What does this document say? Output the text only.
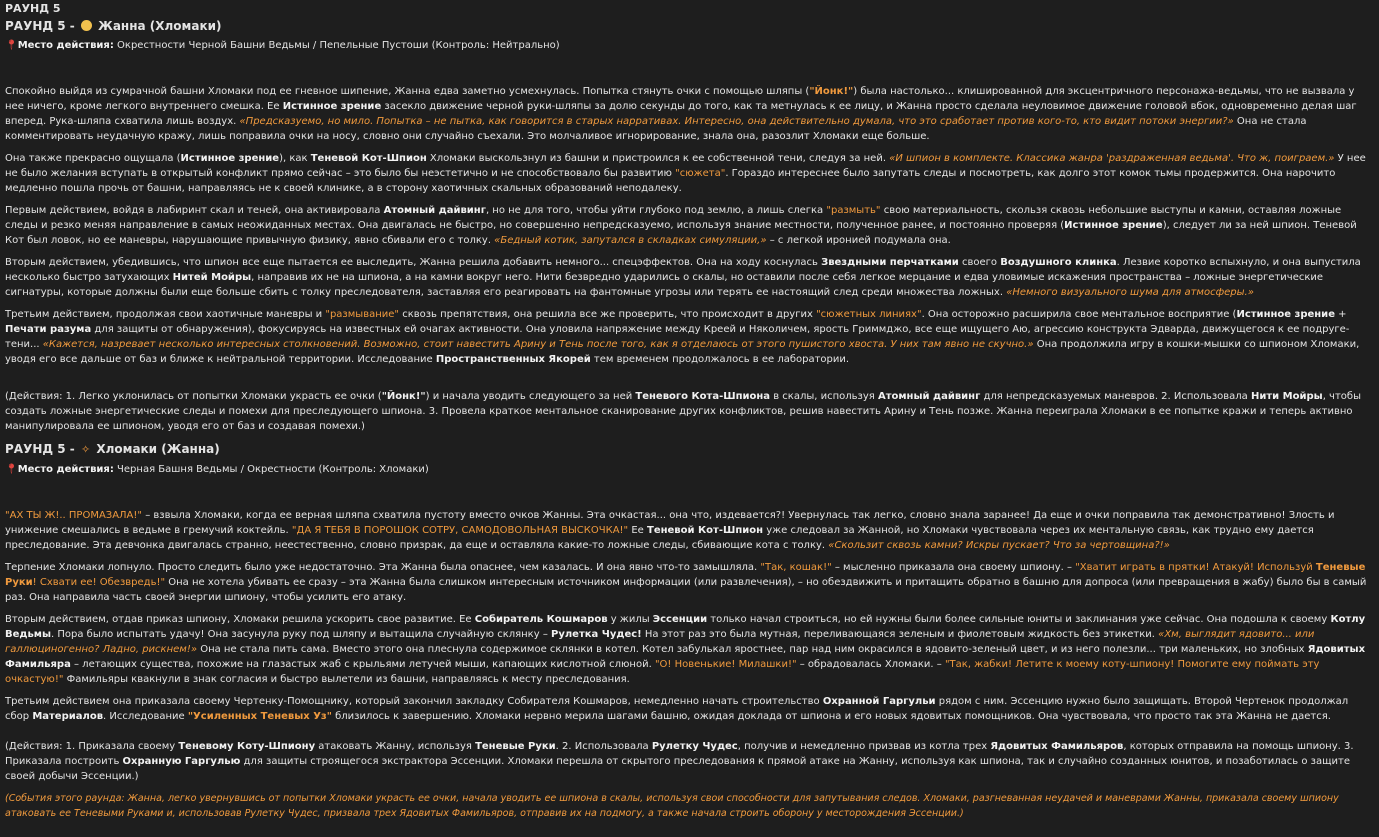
РАУНД 5
РАУНД 5 - Жанна (Хломаки)
📍︎Место действия: Окрестности Черной Башни Ведьмы / Пепельные Пустоши (Контроль: Нейтрально)

Спокойно выйдя из сумрачной башни Хломаки под ее гневное шипение, Жанна едва заметно усмехнулась. Попытка стянуть очки с помощью шляпы ("Йонк!") была настолько... клишированной для эксцентричного персонажа-ведьмы, что не вызвала у нее ничего, кроме легкого внутреннего смешка. Ее Истинное зрение засекло движение черной руки-шляпы за долю секунды до того, как та метнулась к ее лицу, и Жанна просто сделала неуловимое движение головой вбок, одновременно делая шаг вперед. Рука-шляпа схватила лишь воздух. «Предсказуемо, но мило. Попытка – не пытка, как говорится в старых нарративах. Интересно, она действительно думала, что это сработает против кого-то, кто видит потоки энергии?» Она не стала комментировать неудачную кражу, лишь поправила очки на носу, словно они случайно съехали. Это молчаливое игнорирование, знала она, разозлит Хломаки еще больше.

Она также прекрасно ощущала (Истинное зрение), как Теневой Кот-Шпион Хломаки выскользнул из башни и пристроился к ее собственной тени, следуя за ней. «И шпион в комплекте. Классика жанра 'раздраженная ведьма'. Что ж, поиграем.» У нее не было желания вступать в открытый конфликт прямо сейчас – это было бы неэстетично и не способствовало бы развитию "сюжета". Гораздо интереснее было запутать следы и посмотреть, как долго этот комок тьмы продержится. Она нарочито медленно пошла прочь от башни, направляясь не к своей клинике, а в сторону хаотичных скальных образований неподалеку.

Первым действием, войдя в лабиринт скал и теней, она активировала Атомный дайвинг, но не для того, чтобы уйти глубоко под землю, а лишь слегка "размыть" свою материальность, скользя сквозь небольшие выступы и камни, оставляя ложные следы и резко меняя направление в самых неожиданных местах. Она двигалась не быстро, но совершенно непредсказуемо, используя знание местности, полученное ранее, и постоянно проверяя (Истинное зрение), следует ли за ней шпион. Теневой Кот был ловок, но ее маневры, нарушающие привычную физику, явно сбивали его с толку. «Бедный котик, запутался в складках симуляции,» – с легкой иронией подумала она.

Вторым действием, убедившись, что шпион все еще пытается ее выследить, Жанна решила добавить немного... спецэффектов. Она на ходу коснулась Звездными перчатками своего Воздушного клинка. Лезвие коротко вспыхнуло, и она выпустила несколько быстро затухающих Нитей Мойры, направив их не на шпиона, а на камни вокруг него. Нити безвредно ударились о скалы, но оставили после себя легкое мерцание и едва уловимые искажения пространства – ложные энергетические сигнатуры, которые должны были еще больше сбить с толку преследователя, заставляя его реагировать на фантомные угрозы или терять ее настоящий след среди множества ложных. «Немного визуального шума для атмосферы.»

Третьим действием, продолжая свои хаотичные маневры и "размывание" сквозь препятствия, она решила все же проверить, что происходит в других "сюжетных линиях". Она осторожно расширила свое ментальное восприятие (Истинное зрение + Печати разума для защиты от обнаружения), фокусируясь на известных ей очагах активности. Она уловила напряжение между Креей и Няколичем, ярость Гриммджо, все еще ищущего Аю, агрессию конструкта Эдварда, движущегося к ее подруге-тени... «Кажется, назревает несколько интересных столкновений. Возможно, стоит навестить Арину и Тень после того, как я отделаюсь от этого пушистого хвоста. У них там явно не скучно.» Она продолжила игру в кошки-мышки со шпионом Хломаки, уводя его все дальше от баз и ближе к нейтральной территории. Исследование Пространственных Якорей тем временем продолжалось в ее лаборатории.

(Действия: 1. Легко уклонилась от попытки Хломаки украсть ее очки ("Йонк!") и начала уводить следующего за ней Теневого Кота-Шпиона в скалы, используя Атомный дайвинг для непредсказуемых маневров. 2. Использовала Нити Мойры, чтобы создать ложные энергетические следы и помехи для преследующего шпиона. 3. Провела краткое ментальное сканирование других конфликтов, решив навестить Арину и Тень позже. Жанна переиграла Хломаки в ее попытке кражи и теперь активно манипулировала ее шпионом, уводя его от баз и создавая помехи.)

РАУНД 5 - ✧ Хломаки (Жанна)
📍︎Место действия: Черная Башня Ведьмы / Окрестности (Контроль: Хломаки)

"АХ ТЫ Ж!.. ПРОМАЗАЛА!" – взвыла Хломаки, когда ее верная шляпа схватила пустоту вместо очков Жанны. Эта очкастая... она что, издевается?! Увернулась так легко, словно знала заранее! Да еще и очки поправила так демонстративно! Злость и унижение смешались в ведьме в гремучий коктейль. "ДА Я ТЕБЯ В ПОРОШОК СОТРУ, САМОДОВОЛЬНАЯ ВЫСКОЧКА!" Ее Теневой Кот-Шпион уже следовал за Жанной, но Хломаки чувствовала через их ментальную связь, как трудно ему дается преследование. Эта девчонка двигалась странно, неестественно, словно призрак, да еще и оставляла какие-то ложные следы, сбивающие кота с толку. «Скользит сквозь камни? Искры пускает? Что за чертовщина?!»

Терпение Хломаки лопнуло. Просто следить было уже недостаточно. Эта Жанна была опаснее, чем казалась. И она явно что-то замышляла. "Так, кошак!" – мысленно приказала она своему шпиону. – "Хватит играть в прятки! Атакуй! Используй Теневые Руки! Схвати ее! Обезвредь!" Она не хотела убивать ее сразу – эта Жанна была слишком интересным источником информации (или развлечения), – но обездвижить и притащить обратно в башню для допроса (или превращения в жабу) было бы в самый раз. Она направила часть своей энергии шпиону, чтобы усилить его атаку.

Вторым действием, отдав приказ шпиону, Хломаки решила ускорить свое развитие. Ее Собиратель Кошмаров у жилы Эссенции только начал строиться, но ей нужны были более сильные юниты и заклинания уже сейчас. Она подошла к своему Котлу Ведьмы. Пора было испытать удачу! Она засунула руку под шляпу и вытащила случайную склянку – Рулетка Чудес! На этот раз это была мутная, переливающаяся зеленым и фиолетовым жидкость без этикетки. «Хм, выглядит ядовито... или галлюциногенно? Ладно, рискнем!» Она не стала пить сама. Вместо этого она плеснула содержимое склянки в котел. Котел забулькал яростнее, пар над ним окрасился в ядовито-зеленый цвет, и из него полезли... три маленьких, но злобных Ядовитых Фамильяра – летающих существа, похожие на глазастых жаб с крыльями летучей мыши, капающих кислотной слюной. "О! Новенькие! Милашки!" – обрадовалась Хломаки. – "Так, жабки! Летите к моему коту-шпиону! Помогите ему поймать эту очкастую!" Фамильяры квакнули в знак согласия и быстро вылетели из башни, направляясь к месту преследования.

Третьим действием она приказала своему Чертенку-Помощнику, который закончил закладку Собирателя Кошмаров, немедленно начать строительство Охранной Гаргульи рядом с ним. Эссенцию нужно было защищать. Второй Чертенок продолжал сбор Материалов. Исследование "Усиленных Теневых Уз" близилось к завершению. Хломаки нервно мерила шагами башню, ожидая доклада от шпиона и его новых ядовитых помощников. Она чувствовала, что просто так эта Жанна не дается.

(Действия: 1. Приказала своему Теневому Коту-Шпиону атаковать Жанну, используя Теневые Руки. 2. Использовала Рулетку Чудес, получив и немедленно призвав из котла трех Ядовитых Фамильяров, которых отправила на помощь шпиону. 3. Приказала построить Охранную Гаргулью для защиты строящегося экстрактора Эссенции. Хломаки перешла от скрытого преследования к прямой атаке на Жанну, используя как шпиона, так и случайно созданных юнитов, и позаботилась о защите своей добычи Эссенции.)

(События этого раунда: Жанна, легко увернувшись от попытки Хломаки украсть ее очки, начала уводить ее шпиона в скалы, используя свои способности для запутывания следов. Хломаки, разгневанная неудачей и маневрами Жанны, приказала своему шпиону атаковать ее Теневыми Руками и, использовав Рулетку Чудес, призвала трех Ядовитых Фамильяров, отправив их на подмогу, а также начала строить оборону у месторождения Эссенции.)
